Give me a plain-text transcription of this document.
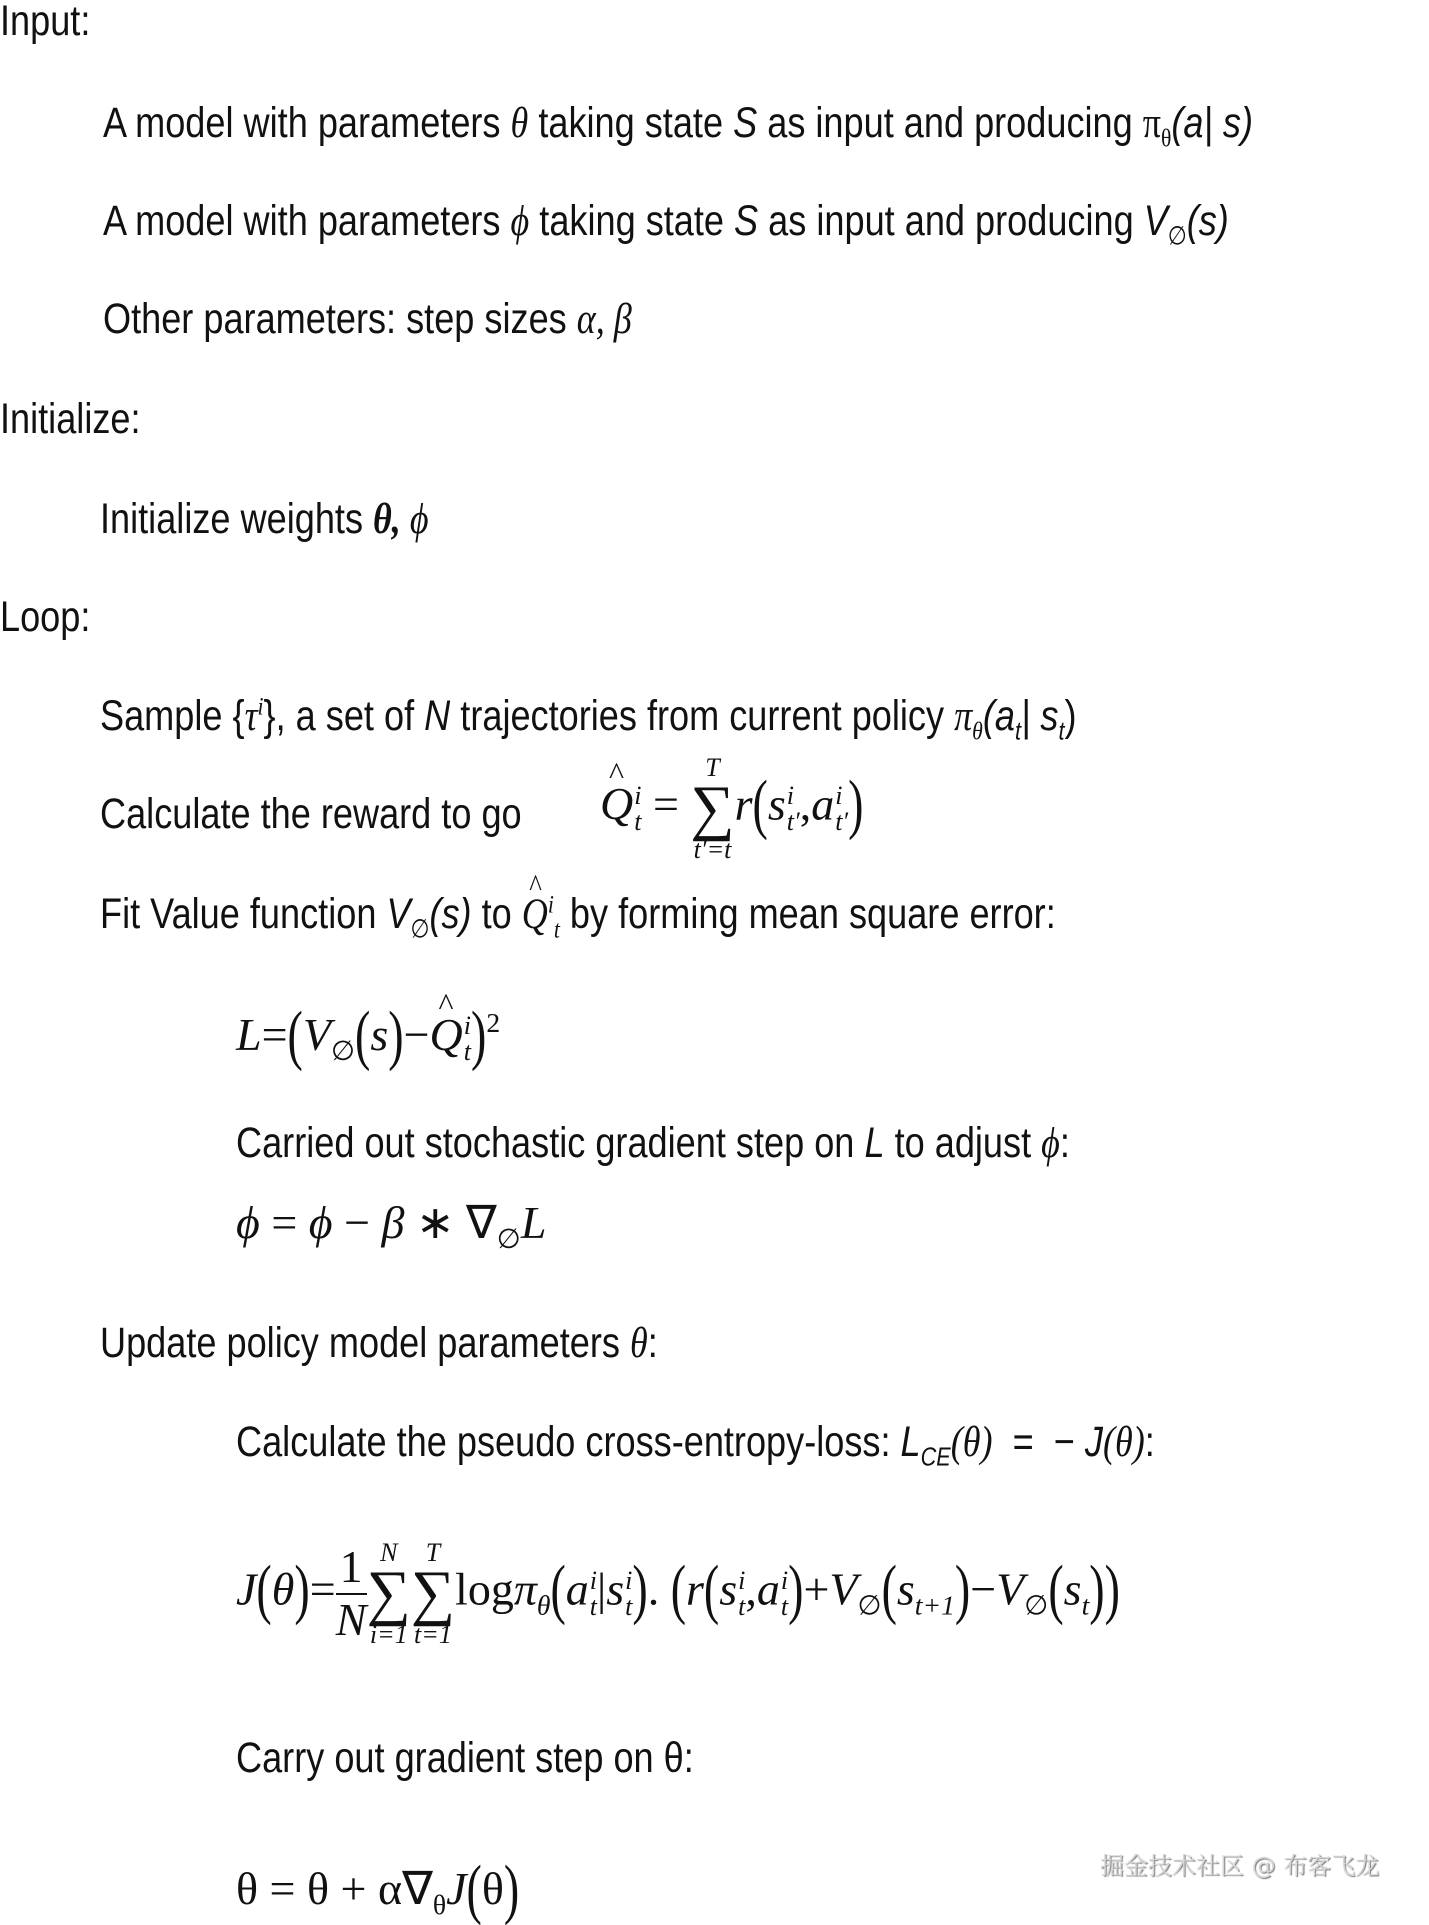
Input:
A model with parameters θ taking state S as input and producing $\pi_\theta(a|$ s)
A model with parameters ϕ taking state S as input and producing $V_\emptyset(s)$
Other parameters: step sizes α, β
Initialize:
Initialize weights θ, ϕ
Loop:
Sample $\{\tau^i\}$, a set of N trajectories from current policy $\pi_\theta(a_t|$ $s_t$)
Calculate the reward to go ^ Q i
t =
T
∑
t′=t
r(s i
t′ ,a i
t′ )
Fit Value function $V_\emptyset(s)$ to ^ $Q^i_t$ by forming mean square error:
$L=(V_\emptyset(s)-\^{}$ Q i
t )$^2$
Carried out stochastic gradient step on L to adjust ϕ:
ϕ = ϕ − β ∗ $\nabla_\emptyset L$
Update policy model parameters θ:
Calculate the pseudo cross-entropy-loss: $L_{CE}(\theta)$  =  − J(θ):
$J(\theta)= \frac{1}{N}$ N
∑
i=1
T
∑
t=1
logπ$_\theta$(a i
t |s i
t ). (r(s i
t ,a i
t )$+V_\emptyset(s_{t+1})-V_\emptyset(s_t)$)
Carry out gradient step on θ:
$\theta = \theta + \alpha\nabla_\theta J(\theta)$	掘金技术社区 @ 布客飞龙
